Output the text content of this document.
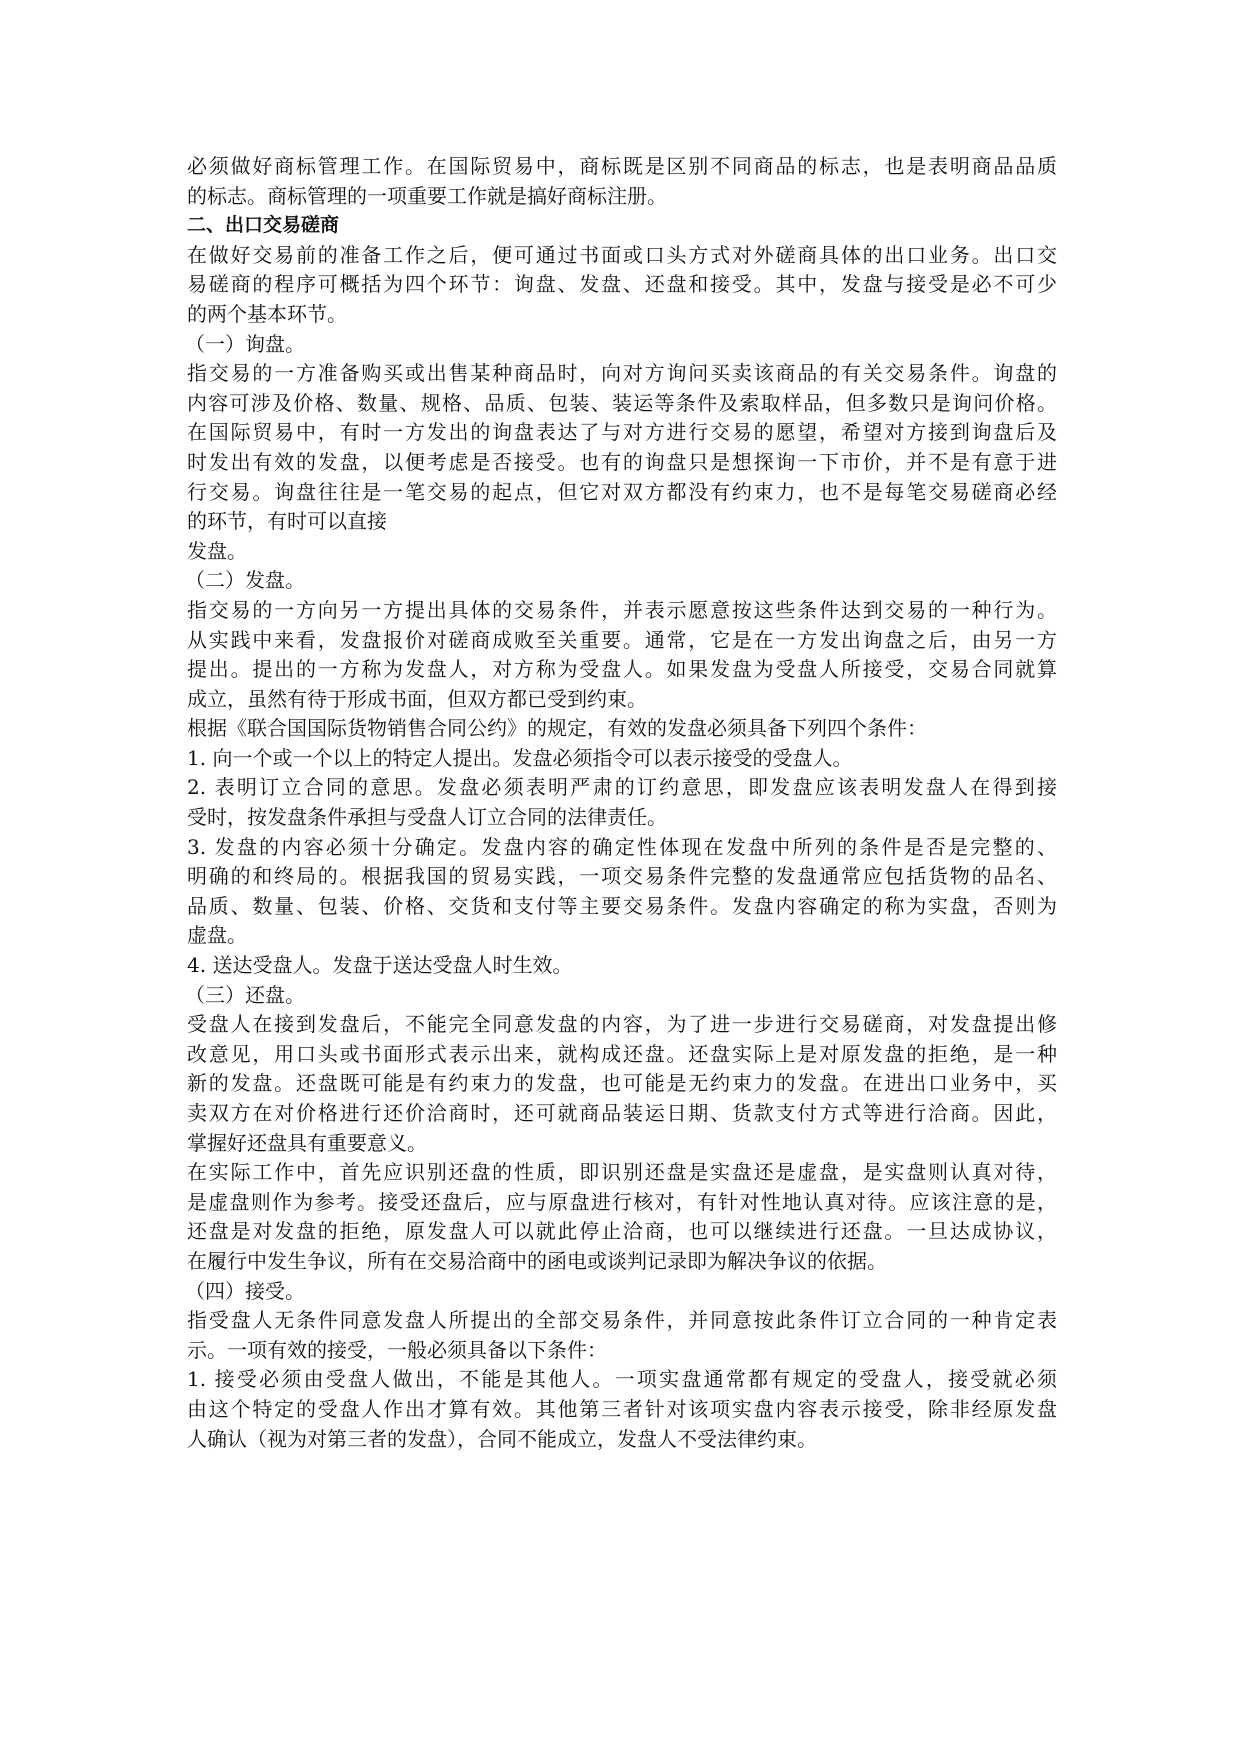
必须做好商标管理工作。在国际贸易中，商标既是区别不同商品的标志，也是表明商品品质
的标志。商标管理的一项重要工作就是搞好商标注册。
二、出口交易磋商
在做好交易前的准备工作之后，便可通过书面或口头方式对外磋商具体的出口业务。出口交
易磋商的程序可概括为四个环节：询盘、发盘、还盘和接受。其中，发盘与接受是必不可少
的两个基本环节。
（一）询盘。
指交易的一方准备购买或出售某种商品时，向对方询问买卖该商品的有关交易条件。询盘的
内容可涉及价格、数量、规格、品质、包装、装运等条件及索取样品，但多数只是询问价格。
在国际贸易中，有时一方发出的询盘表达了与对方进行交易的愿望，希望对方接到询盘后及
时发出有效的发盘，以便考虑是否接受。也有的询盘只是想探询一下市价，并不是有意于进
行交易。询盘往往是一笔交易的起点，但它对双方都没有约束力，也不是每笔交易磋商必经
的环节，有时可以直接
发盘。
（二）发盘。
指交易的一方向另一方提出具体的交易条件，并表示愿意按这些条件达到交易的一种行为。
从实践中来看，发盘报价对磋商成败至关重要。通常，它是在一方发出询盘之后，由另一方
提出。提出的一方称为发盘人，对方称为受盘人。如果发盘为受盘人所接受，交易合同就算
成立，虽然有待于形成书面，但双方都已受到约束。
根据《联合国国际货物销售合同公约》的规定，有效的发盘必须具备下列四个条件：
1. 向一个或一个以上的特定人提出。发盘必须指令可以表示接受的受盘人。
2. 表明订立合同的意思。发盘必须表明严肃的订约意思，即发盘应该表明发盘人在得到接
受时，按发盘条件承担与受盘人订立合同的法律责任。
3. 发盘的内容必须十分确定。发盘内容的确定性体现在发盘中所列的条件是否是完整的、
明确的和终局的。根据我国的贸易实践，一项交易条件完整的发盘通常应包括货物的品名、
品质、数量、包装、价格、交货和支付等主要交易条件。发盘内容确定的称为实盘，否则为
虚盘。
4. 送达受盘人。发盘于送达受盘人时生效。
（三）还盘。
受盘人在接到发盘后，不能完全同意发盘的内容，为了进一步进行交易磋商，对发盘提出修
改意见，用口头或书面形式表示出来，就构成还盘。还盘实际上是对原发盘的拒绝，是一种
新的发盘。还盘既可能是有约束力的发盘，也可能是无约束力的发盘。在进出口业务中，买
卖双方在对价格进行还价洽商时，还可就商品装运日期、货款支付方式等进行洽商。因此，
掌握好还盘具有重要意义。
在实际工作中，首先应识别还盘的性质，即识别还盘是实盘还是虚盘，是实盘则认真对待，
是虚盘则作为参考。接受还盘后，应与原盘进行核对，有针对性地认真对待。应该注意的是，
还盘是对发盘的拒绝，原发盘人可以就此停止洽商，也可以继续进行还盘。一旦达成协议，
在履行中发生争议，所有在交易洽商中的函电或谈判记录即为解决争议的依据。
（四）接受。
指受盘人无条件同意发盘人所提出的全部交易条件，并同意按此条件订立合同的一种肯定表
示。一项有效的接受，一般必须具备以下条件：
1. 接受必须由受盘人做出，不能是其他人。一项实盘通常都有规定的受盘人，接受就必须
由这个特定的受盘人作出才算有效。其他第三者针对该项实盘内容表示接受，除非经原发盘
人确认（视为对第三者的发盘），合同不能成立，发盘人不受法律约束。
